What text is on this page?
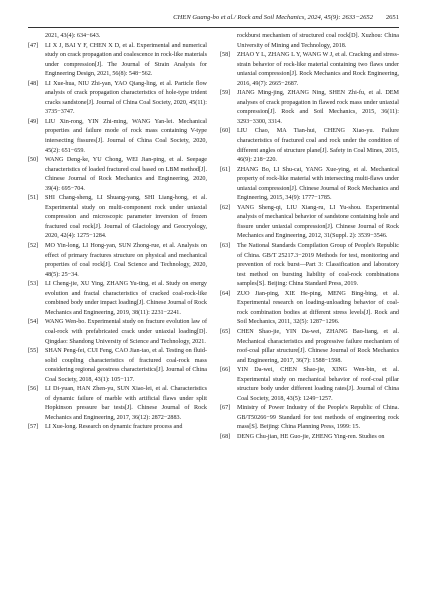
CHEN Guang-bo et al./ Rock and Soil Mechanics, 2024, 45(9): 2633−2652	2651
2021, 43(4): 634−643.
[47]	LI X J, BAI Y F, CHEN X D, et al. Experimental and numerical study on crack propagation and coalescence in rock-like materials under compression[J]. The Journal of Strain Analysis for Engineering Design, 2021, 56(8): 548−562.
[48]	LI Xue-hua, NIU Zhi-yan, YAO Qiang-ling, et al. Particle flow analysis of crack propagation characteristics of hole-type trident cracks sandstone[J]. Journal of China Coal Society, 2020, 45(11): 3735−3747.
[49]	LIU Xin-rong, YIN Zhi-ming, WANG Yan-lei. Mechanical properties and failure mode of rock mass containing V-type intersecting fissures[J]. Journal of China Coal Society, 2020, 45(2): 651−659.
[50]	WANG Deng-ke, YU Chong, WEI Jian-ping, et al. Seepage characteristics of loaded fractured coal based on LBM method[J]. Chinese Journal of Rock Mechanics and Engineering, 2020, 39(4): 695−704.
[51]	SHI Chang-sheng, LI Shuang-yang, SHI Liang-hong, et al. Experimental study on multi-component rock under uniaxial compression and microscopic parameter inversion of frozen fractured coal rock[J]. Journal of Glaciology and Geocryology, 2020, 42(4): 1275−1284.
[52]	MO Yin-long, LI Hong-yan, SUN Zhong-rue, et al. Analysis on effect of primary fractures structure on physical and mechanical properties of coal rock[J]. Coal Science and Technology, 2020, 48(5): 25−34.
[53]	LI Cheng-jie, XU Ying, ZHANG Yu-ting, et al. Study on energy evolution and fractal characteristics of cracked coal-rock-like combined body under impact loading[J]. Chinese Journal of Rock Mechanics and Engineering, 2019, 38(11): 2231−2241.
[54]	WANG Wen-bo. Experimental study on fracture evolution law of coal-rock with prefabricated crack under uniaxial loading[D]. Qingdao: Shandong University of Science and Technology, 2021.
[55]	SHAN Peng-fei, CUI Feng, CAO Jian-tao, et al. Testing on fluid-solid coupling characteristics of fractured coal-rock mass considering regional geostress characteristics[J]. Journal of China Coal Society, 2018, 43(1): 105−117.
[56]	LI Di-yuan, HAN Zhen-yu, SUN Xiao-lei, et al. Characteristics of dynamic failure of marble with artificial flaws under split Hopkinson pressure bar tests[J]. Chinese Journal of Rock Mechanics and Engineering, 2017, 36(12): 2872−2883.
[57]	LI Xue-long. Research on dynamic fracture process and
rockburst mechanism of structured coal rock[D]. Xuzhou: China University of Mining and Technology, 2018.
[58]	ZHAO Y L, ZHANG L Y, WANG W J, et al. Cracking and stress-strain behavior of rock-like material containing two flaws under uniaxial compression[J]. Rock Mechanics and Rock Engineering, 2016, 49(7): 2665−2687.
[59]	JIANG Ming-jing, ZHANG Ning, SHEN Zhi-fu, et al. DEM analyses of crack propagation in flawed rock mass under uniaxial compression[J]. Rock and Soil Mechanics, 2015, 36(11): 3293−3300, 3314.
[60]	LIU Chao, MA Tian-hui, CHENG Xiao-yu. Failure characteristics of fractured coal and rock under the condition of different angles of structure plane[J]. Safety in Coal Mines, 2015, 46(9): 218−220.
[61]	ZHANG Bo, LI Shu-cai, YANG Xue-ying, et al. Mechanical property of rock-like material with intersecting multi-flaws under uniaxial compression[J]. Chinese Journal of Rock Mechanics and Engineering, 2015, 34(9): 1777−1785.
[62]	YANG Sheng-qi, LIU Xiang-ru, LI Yu-shou. Experimental analysis of mechanical behavior of sandstone containing hole and fissure under uniaxial compression[J]. Chinese Journal of Rock Mechanics and Engineering, 2012, 31(Suppl. 2): 3539−3546.
[63]	The National Standards Compilation Group of People's Republic of China. GB/T 25217.3−2019 Methods for test, monitoring and prevention of rock burst—Part 3: Classification and laboratory test method on bursting liability of coal-rock combinations samples[S]. Beijing: China Standard Press, 2019.
[64]	ZUO Jian-ping, XIE He-ping, MENG Bing-bing, et al. Experimental research on loading-unloading behavior of coal-rock combination bodies at different stress levels[J]. Rock and Soil Mechanics, 2011, 32(5): 1287−1296.
[65]	CHEN Shao-jie, YIN Da-wei, ZHANG Bao-liang, et al. Mechanical characteristics and progressive failure mechanism of roof-coal pillar structure[J]. Chinese Journal of Rock Mechanics and Engineering, 2017, 36(7): 1588−1598.
[66]	YIN Da-wei, CHEN Shao-jie, XING Wen-bin, et al. Experimental study on mechanical behavior of roof-coal pillar structure body under different loading rates[J]. Journal of China Coal Society, 2018, 43(5): 1249−1257.
[67]	Ministry of Power Industry of the People's Republic of China. GB/T50266−99 Standard for test methods of engineering rock mass[S]. Beijing: China Planning Press, 1999: 15.
[68]	DENG Chu-jian, HE Guo-jie, ZHENG Ying-ren. Studies on
